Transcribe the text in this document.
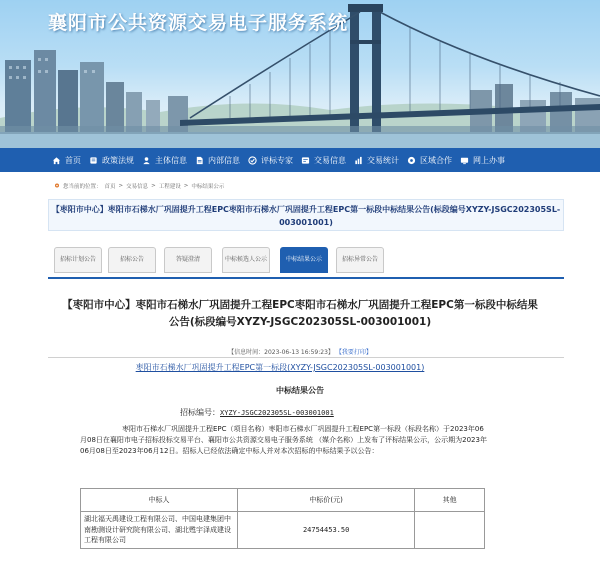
襄阳市公共资源交易电子服务系统
首页	政策法规	主体信息	内部信息	评标专家	交易信息	交易统计	区域合作	网上办事
您当前的位置： 首页 > 交易信息 > 工程建设 > 中标结果公示
【枣阳市中心】枣阳市石梯水厂巩固提升工程EPC枣阳市石梯水厂巩固提升工程EPC第一标段中标结果公告(标段编号XYZY-JSGC202305SL-003001001)
招标计划公告	招标公告	答疑澄清	中标候选人公示	中标结果公示	招标异常公告
【枣阳市中心】枣阳市石梯水厂巩固提升工程EPC枣阳市石梯水厂巩固提升工程EPC第一标段中标结果公告(标段编号XYZY-JSGC202305SL-003001001)
【信息时间：2023-06-13 16:59:23】 【我要打印】
枣阳市石梯水厂巩固提升工程EPC第一标段(XYZY-JSGC202305SL-003001001)
中标结果公告
招标编号：XYZY-JSGC202305SL-003001001
枣阳市石梯水厂巩固提升工程EPC（项目名称）枣阳市石梯水厂巩固提升工程EPC第一标段（标段名称）于2023年06月08日在襄阳市电子招标投标交易平台、襄阳市公共资源交易电子服务系统 （媒介名称）上发布了评标结果公示，公示期为2023年06月08日至2023年06月12日。招标人已经依法确定中标人并对本次招标的中标结果予以公告：
中标人	中标价(元)	其他
湖北福天禹建设工程有限公司、中国电建集团中南勘测设计研究院有限公司、湖北甦宇泽成建设工程有限公司	24754453.50	
